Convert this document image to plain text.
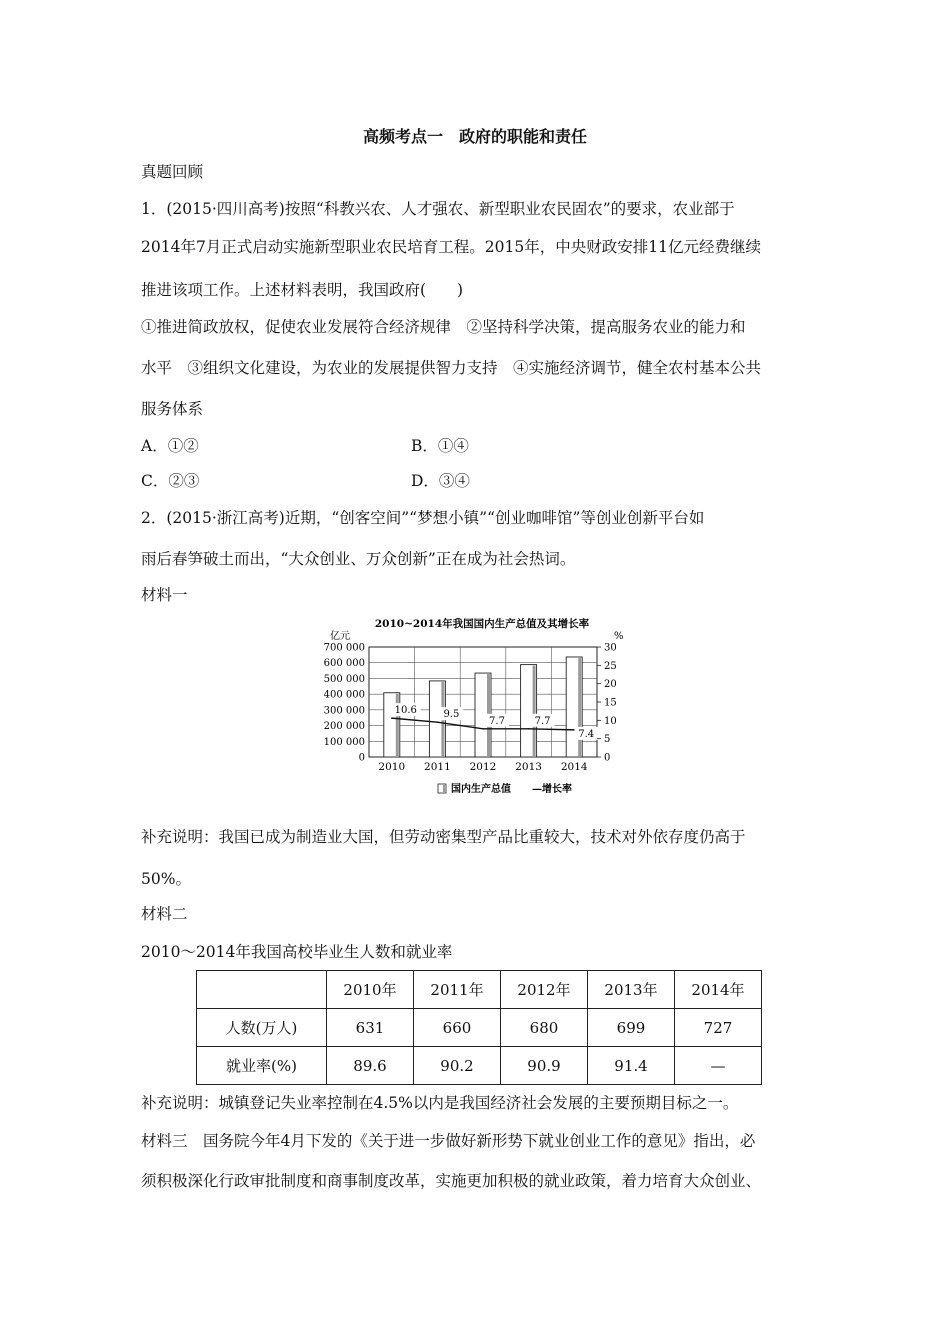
高频考点一　政府的职能和责任
真题回顾
1．(2015·四川高考)按照“科教兴农、人才强农、新型职业农民固农”的要求，农业部于
2014年7月正式启动实施新型职业农民培育工程。2015年，中央财政安排11亿元经费继续
推进该项工作。上述材料表明，我国政府(　　)
①推进简政放权，促使农业发展符合经济规律　②坚持科学决策，提高服务农业的能力和
水平　③组织文化建设，为农业的发展提供智力支持　④实施经济调节，健全农村基本公共
服务体系
A．①②	B．①④
C．②③	D．③④
2．(2015·浙江高考)近期，“创客空间”“梦想小镇”“创业咖啡馆”等创业创新平台如
雨后春笋破土而出，“大众创业、万众创新”正在成为社会热词。
材料一
2010~2014年我国国内生产总值及其增长率
亿元	%
10.6	9.5
7.7	7.7
7.4
700 000
600 000
500 000
400 000
300 000
200 000
100 000
0
30
25
20
15
10
5
0
2010 2011 2012 2013 2014
国内生产总值 —增长率
补充说明：我国已成为制造业大国，但劳动密集型产品比重较大，技术对外依存度仍高于
50%。
材料二
2010～2014年我国高校毕业生人数和就业率
	2010年	2011年	2012年	2013年	2014年
人数(万人)	631	660	680	699	727
就业率(%)	89.6	90.2	90.9	91.4	—
补充说明：城镇登记失业率控制在4.5%以内是我国经济社会发展的主要预期目标之一。
材料三　国务院今年4月下发的《关于进一步做好新形势下就业创业工作的意见》指出，必
须积极深化行政审批制度和商事制度改革，实施更加积极的就业政策，着力培育大众创业、
